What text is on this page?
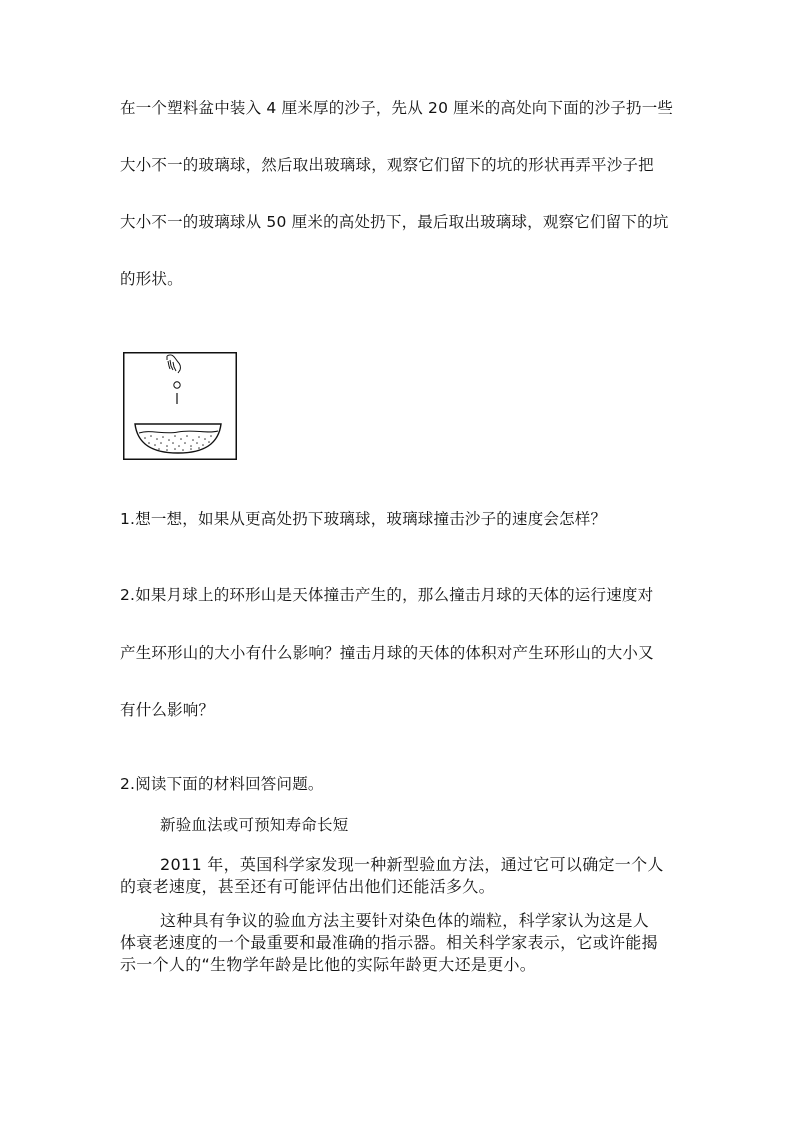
在一个塑料盆中装入 4 厘米厚的沙子，先从 20 厘米的高处向下面的沙子扔一些
大小不一的玻璃球，然后取出玻璃球，观察它们留下的坑的形状再弄平沙子把
大小不一的玻璃球从 50 厘米的高处扔下，最后取出玻璃球，观察它们留下的坑
的形状。
1.想一想，如果从更高处扔下玻璃球，玻璃球撞击沙子的速度会怎样？
2.如果月球上的环形山是天体撞击产生的，那么撞击月球的天体的运行速度对
产生环形山的大小有什么影响？撞击月球的天体的体积对产生环形山的大小又
有什么影响？
2.阅读下面的材料回答问题。
新验血法或可预知寿命长短
2011 年，英国科学家发现一种新型验血方法，通过它可以确定一个人的衰老速度，甚至还有可能评估出他们还能活多久。
这种具有争议的验血方法主要针对染色体的端粒，科学家认为这是人体衰老速度的一个最重要和最准确的指示器。相关科学家表示，它或许能揭示一个人的“生物学年龄是比他的实际年龄更大还是更小。
